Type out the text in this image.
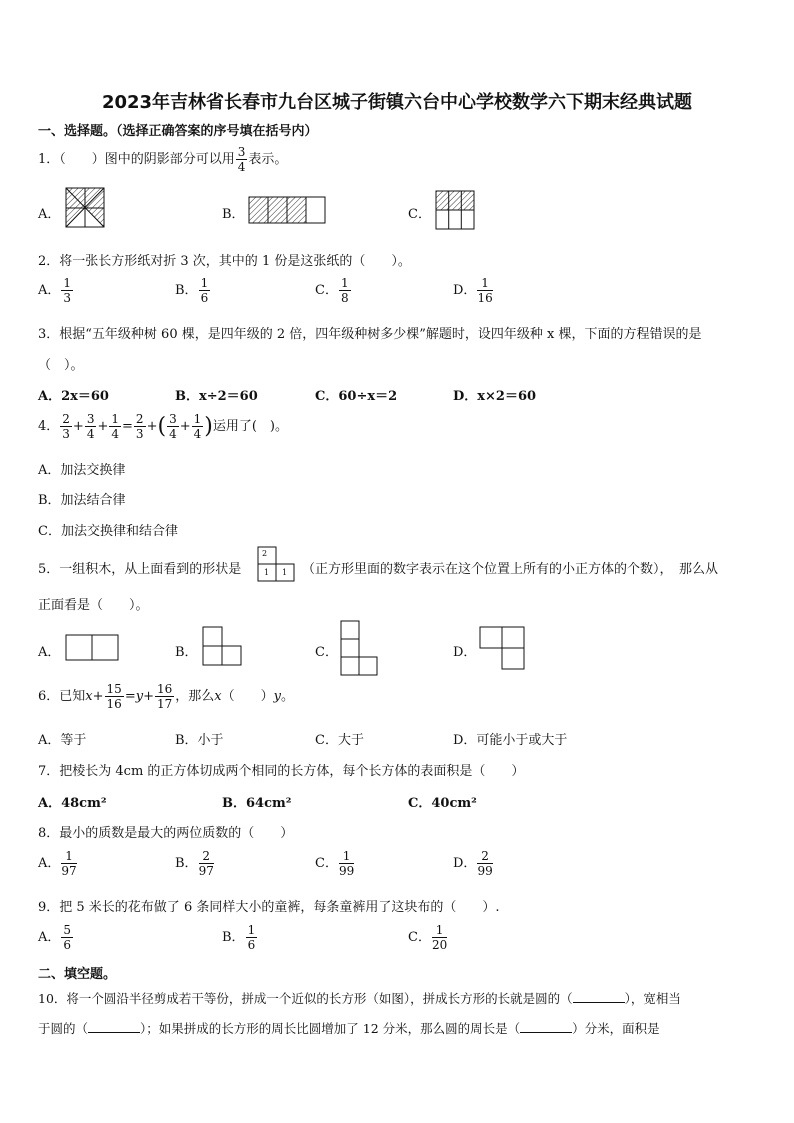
2023年吉林省长春市九台区城子街镇六台中心学校数学六下期末经典试题
一、选择题。（选择正确答案的序号填在括号内）
1．（　　）图中的阴影部分可以用 $\frac{3}{4}$ 表示。
A．	B．	C．
2
1 1
2．将一张长方形纸对折 3 次，其中的 1 份是这张纸的（　　）。
A． $\frac{1}{3}$	B． $\frac{1}{6}$	C． $\frac{1}{8}$	D． $\frac{1}{16}$
3．根据“五年级种树 60 棵，是四年级的 2 倍，四年级种树多少棵”解题时，设四年级种 x 棵，下面的方程错误的是
（　）。
A．2x＝60	B．x÷2＝60	C．60÷x＝2	D．x×2＝60
4． $\frac{2}{3} + \frac{3}{4} + \frac{1}{4} = \frac{2}{3}$ +( $\frac{3}{4} + \frac{1}{4}$ )运用了(　)。
A．加法交换律
B．加法结合律
C．加法交换律和结合律
5．一组积木，从上面看到的形状是	（正方形里面的数字表示在这个位置上所有的小正方体的个数），　那么从
正面看是（　　）。
A．	B．	C．	D．
6．已知$x+ \frac{15}{16} =y+ \frac{16}{17}$ ，那么x（　　）y。
A．等于	B．小于	C．大于	D．可能小于或大于
7．把棱长为 4cm 的正方体切成两个相同的长方体，每个长方体的表面积是（　　）
A．48cm²	B．64cm²	C．40cm²
8．最小的质数是最大的两位质数的（　　）
A． $\frac{1}{97}$	B． $\frac{2}{97}$	C． $\frac{1}{99}$	D． $\frac{2}{99}$
9．把 5 米长的花布做了 6 条同样大小的童裤，每条童裤用了这块布的（　　）.
A． $\frac{5}{6}$	B． $\frac{1}{6}$	C． $\frac{1}{20}$
二、填空题。
10．将一个圆沿半径剪成若干等份，拼成一个近似的长方形（如图），拼成长方形的长就是圆的（	），宽相当
于圆的（	）；如果拼成的长方形的周长比圆增加了 12 分米，那么圆的周长是（	）分米，面积是
